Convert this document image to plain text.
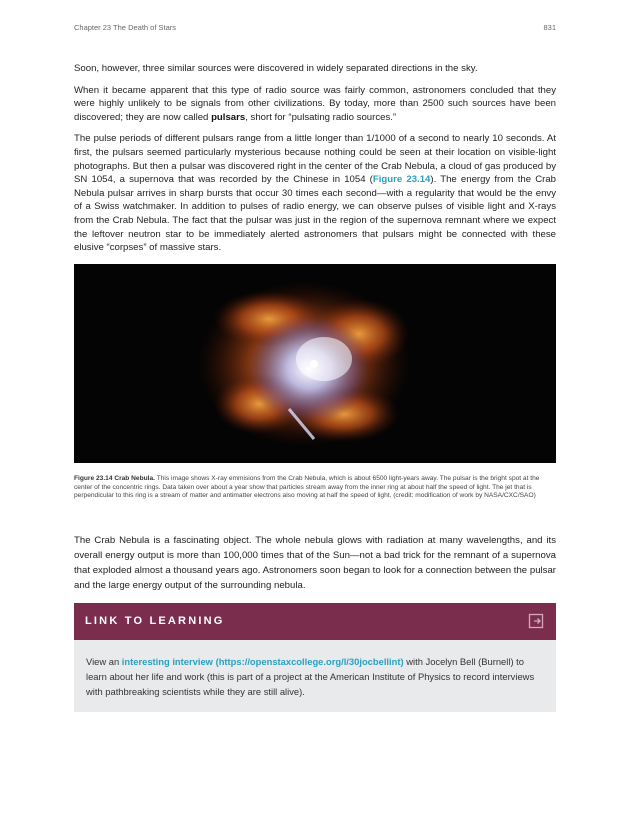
Chapter 23 The Death of Stars	831

Soon, however, three similar sources were discovered in widely separated directions in the sky.

When it became apparent that this type of radio source was fairly common, astronomers concluded that they were highly unlikely to be signals from other civilizations. By today, more than 2500 such sources have been discovered; they are now called pulsars, short for “pulsating radio sources.”

The pulse periods of different pulsars range from a little longer than 1/1000 of a second to nearly 10 seconds. At first, the pulsars seemed particularly mysterious because nothing could be seen at their location on visible-light photographs. But then a pulsar was discovered right in the center of the Crab Nebula, a cloud of gas produced by SN 1054, a supernova that was recorded by the Chinese in 1054 (Figure 23.14). The energy from the Crab Nebula pulsar arrives in sharp bursts that occur 30 times each second—with a regularity that would be the envy of a Swiss watchmaker. In addition to pulses of radio energy, we can observe pulses of visible light and X-rays from the Crab Nebula. The fact that the pulsar was just in the region of the supernova remnant where we expect the leftover neutron star to be immediately alerted astronomers that pulsars might be connected with these elusive “corpses” of massive stars.

Figure 23.14 Crab Nebula. This image shows X-ray emmisions from the Crab Nebula, which is about 6500 light-years away. The pulsar is the bright spot at the center of the concentric rings. Data taken over about a year show that particles stream away from the inner ring at about half the speed of light. The jet that is perpendicular to this ring is a stream of matter and antimatter electrons also moving at half the speed of light. (credit: modification of work by NASA/CXC/SAO)
The Crab Nebula is a fascinating object. The whole nebula glows with radiation at many wavelengths, and its overall energy output is more than 100,000 times that of the Sun—not a bad trick for the remnant of a supernova that exploded almost a thousand years ago. Astronomers soon began to look for a connection between the pulsar and the large energy output of the surrounding nebula.
LINK TO LEARNING
View an interesting interview (https://openstaxcollege.org/l/30jocbellint) with Jocelyn Bell (Burnell) to learn about her life and work (this is part of a project at the American Institute of Physics to record interviews with pathbreaking scientists while they are still alive).
